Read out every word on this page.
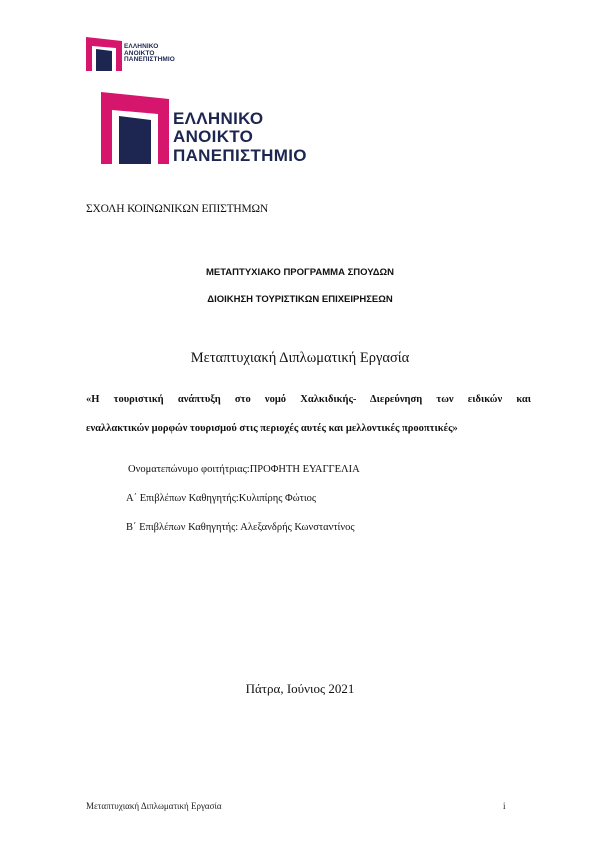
ΕΛΛΗΝΙΚΟ
ΑΝΟΙΚΤΟ
ΠΑΝΕΠΙΣΤΗΜΙΟ
ΕΛΛΗΝΙΚΟ
ΑΝΟΙΚΤΟ
ΠΑΝΕΠΙΣΤΗΜΙΟ
ΣΧΟΛΗ ΚΟΙΝΩΝΙΚΩΝ ΕΠΙΣΤΗΜΩΝ
ΜΕΤΑΠΤΥΧΙΑΚΟ ΠΡΟΓΡΑΜΜΑ ΣΠΟΥΔΩΝ
ΔΙΟΙΚΗΣΗ ΤΟΥΡΙΣΤΙΚΩΝ ΕΠΙΧΕΙΡΗΣΕΩΝ
Μεταπτυχιακή Διπλωματική Εργασία
«Η τουριστική ανάπτυξη στο νομό Χαλκιδικής- Διερεύνηση των ειδικών και
εναλλακτικών μορφών τουρισμού στις περιοχές αυτές και μελλοντικές προοπτικές»
Ονοματεπώνυμο φοιτήτριας:ΠΡΟΦΗΤΗ ΕΥΑΓΓΕΛΙΑ
Α΄ Επιβλέπων Καθηγητής:Κυλιπίρης Φώτιος
Β΄ Επιβλέπων Καθηγητής: Αλεξανδρής Κωνσταντίνος
Πάτρα, Ιούνιος 2021
Μεταπτυχιακή Διπλωματική Εργασία	i
